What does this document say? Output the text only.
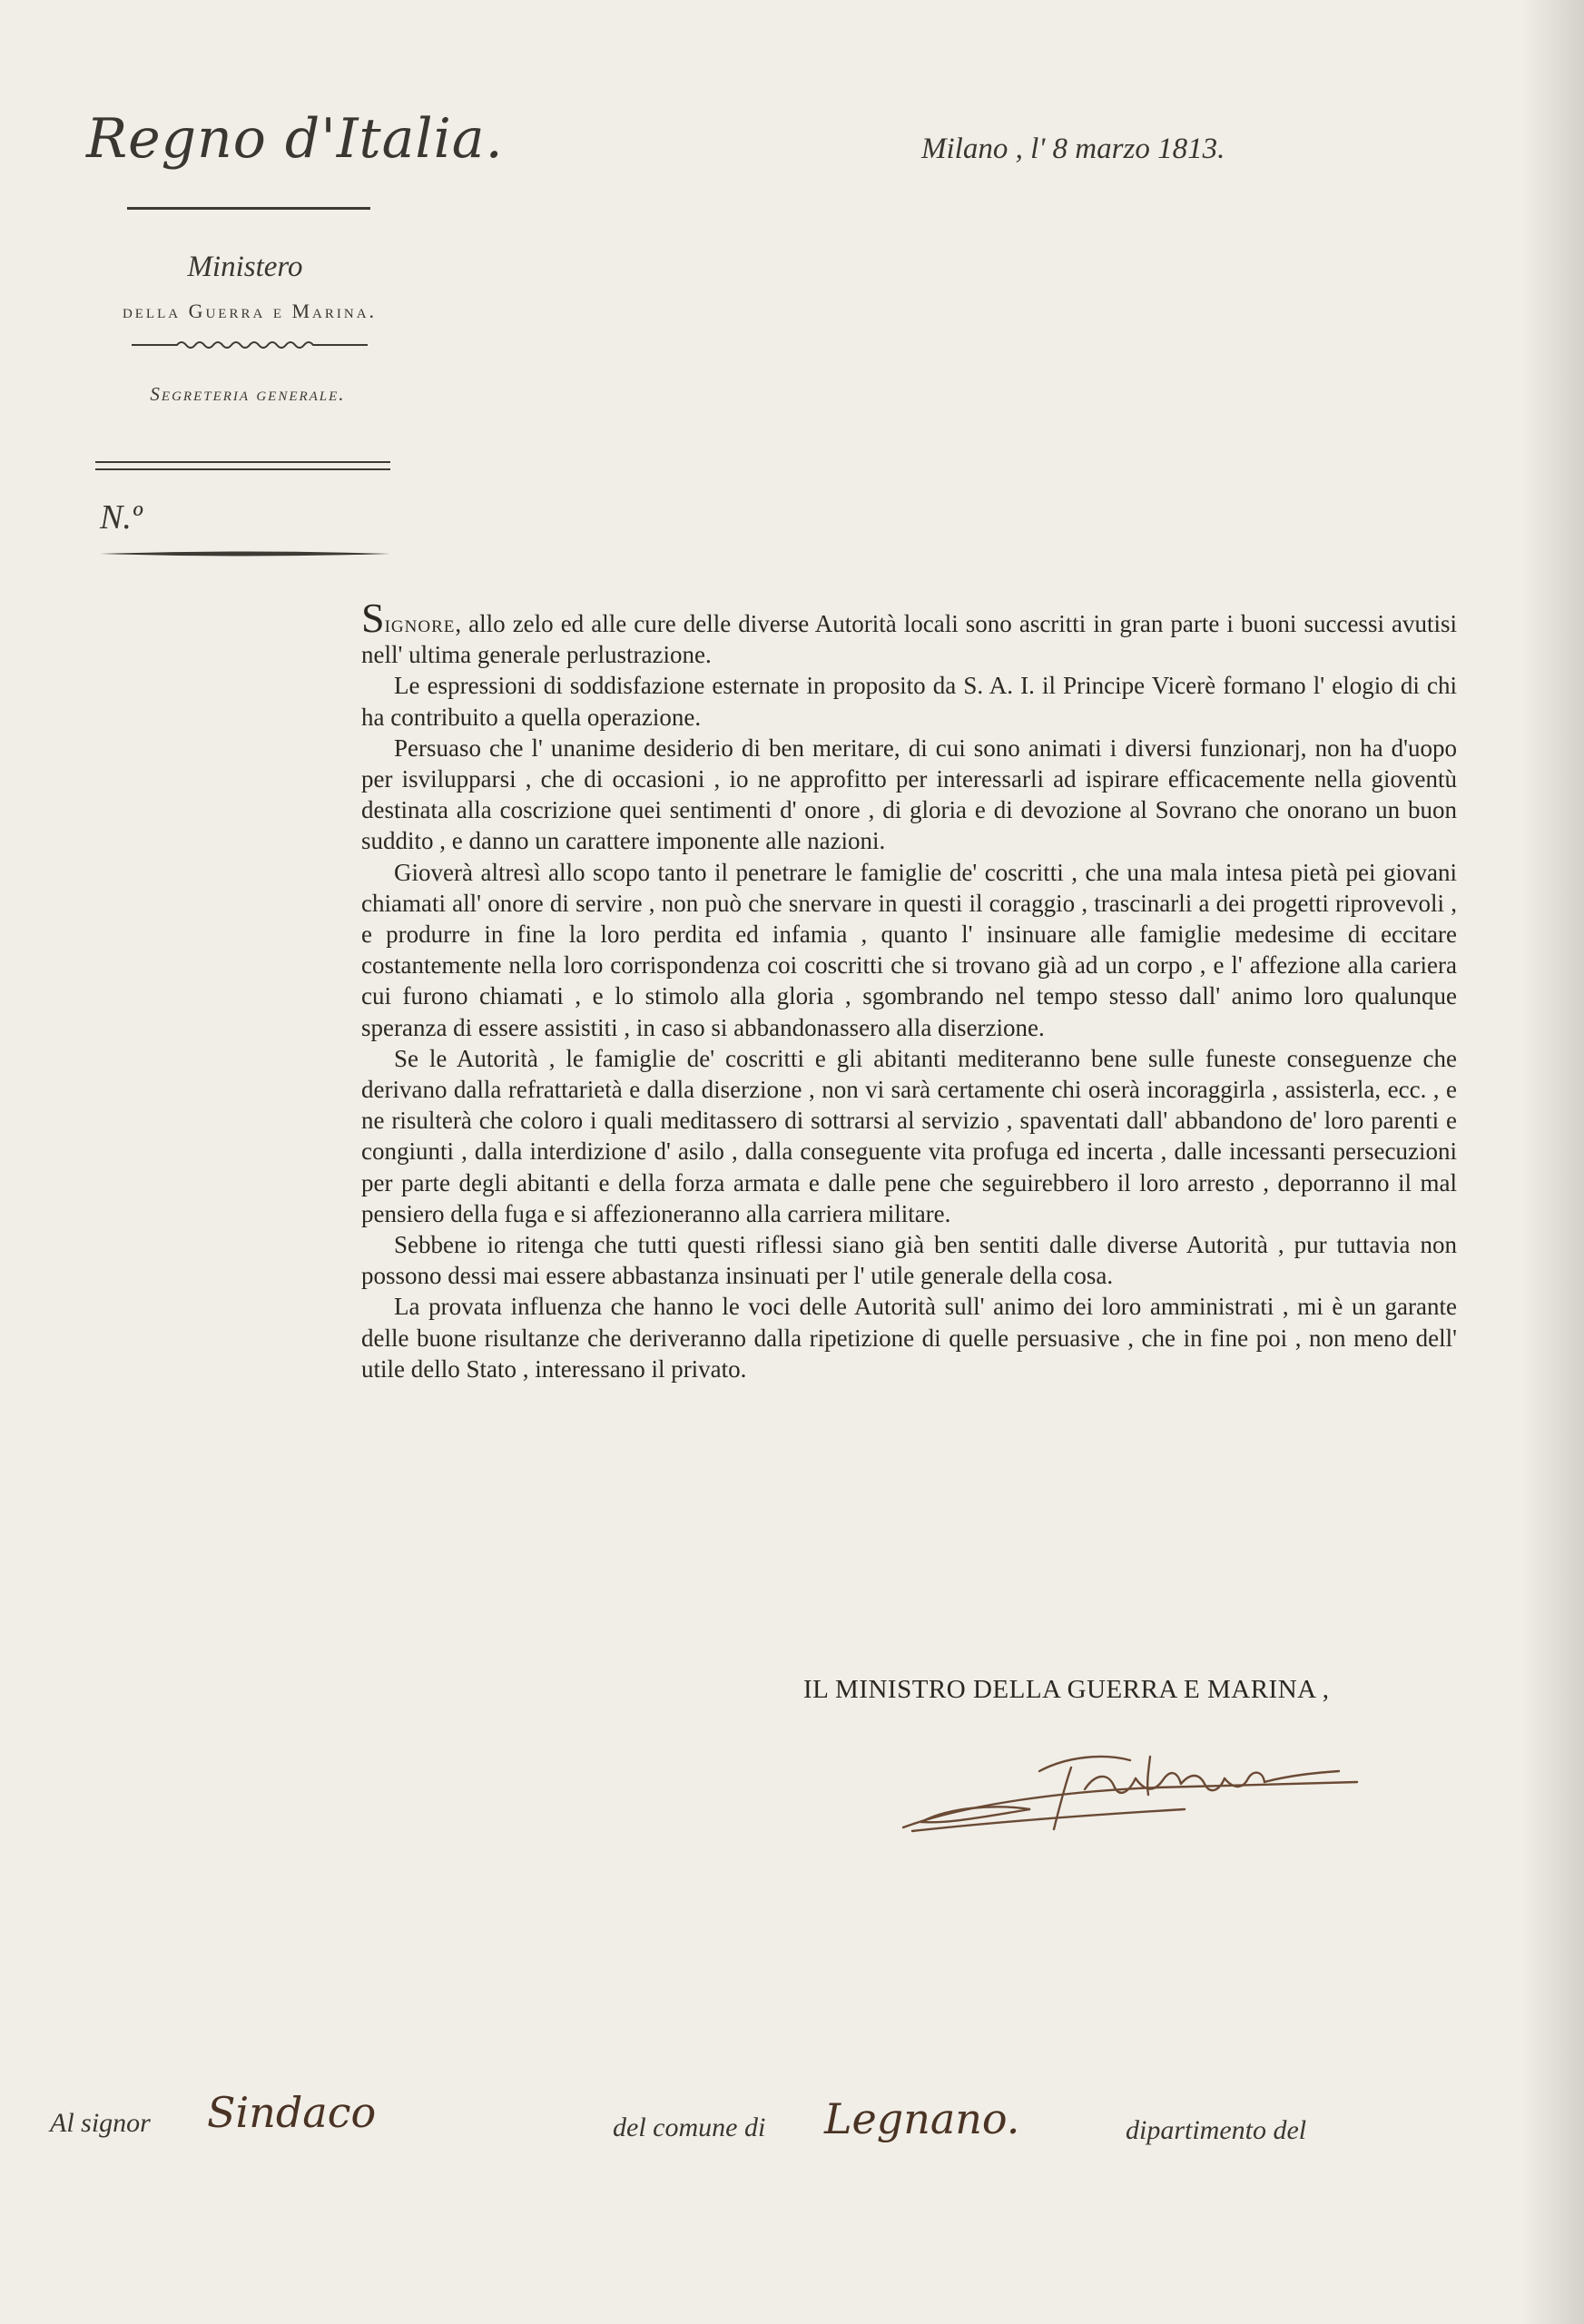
Regno d'Italia.	Milano , l' 8 marzo 1813.
Ministero
della Guerra e Marina.
Segreteria generale.
N.º

Signore, allo zelo ed alle cure delle diverse Autorità locali sono ascritti in gran parte i buoni successi avutisi nell' ultima generale perlustrazione.

Le espressioni di soddisfazione esternate in proposito da S. A. I. il Principe Vicerè formano l' elogio di chi ha contribuito a quella operazione.

Persuaso che l' unanime desiderio di ben meritare, di cui sono animati i diversi funzionarj, non ha d'uopo per isvilupparsi , che di occasioni , io ne approfitto per interessarli ad ispirare efficacemente nella gioventù destinata alla coscrizione quei sentimenti d' onore , di gloria e di devozione al Sovrano che onorano un buon suddito , e danno un carattere imponente alle nazioni.

Gioverà altresì allo scopo tanto il penetrare le famiglie de' coscritti , che una mala intesa pietà pei giovani chiamati all' onore di servire , non può che snervare in questi il coraggio , trascinarli a dei progetti riprovevoli , e produrre in fine la loro perdita ed infamia , quanto l' insinuare alle famiglie medesime di eccitare costantemente nella loro corrispondenza coi coscritti che si trovano già ad un corpo , e l' affezione alla cariera cui furono chiamati , e lo stimolo alla gloria , sgombrando nel tempo stesso dall' animo loro qualunque speranza di essere assistiti , in caso si abbandonassero alla diserzione.

Se le Autorità , le famiglie de' coscritti e gli abitanti mediteranno bene sulle funeste conseguenze che derivano dalla refrattarietà e dalla diserzione , non vi sarà certamente chi oserà incoraggirla , assisterla, ecc. , e ne risulterà che coloro i quali meditassero di sottrarsi al servizio , spaventati dall' abbandono de' loro parenti e congiunti , dalla interdizione d' asilo , dalla conseguente vita profuga ed incerta , dalle incessanti persecuzioni per parte degli abitanti e della forza armata e dalle pene che seguirebbero il loro arresto , deporranno il mal pensiero della fuga e si affezioneranno alla carriera militare.

Sebbene io ritenga che tutti questi riflessi siano già ben sentiti dalle diverse Autorità , pur tuttavia non possono dessi mai essere abbastanza insinuati per l' utile generale della cosa.

La provata influenza che hanno le voci delle Autorità sull' animo dei loro amministrati , mi è un garante delle buone risultanze che deriveranno dalla ripetizione di quelle persuasive , che in fine poi , non meno dell' utile dello Stato , interessano il privato.

IL MINISTRO DELLA GUERRA E MARINA ,
Al signor Sindaco	del comune di Legnano.	dipartimento del
